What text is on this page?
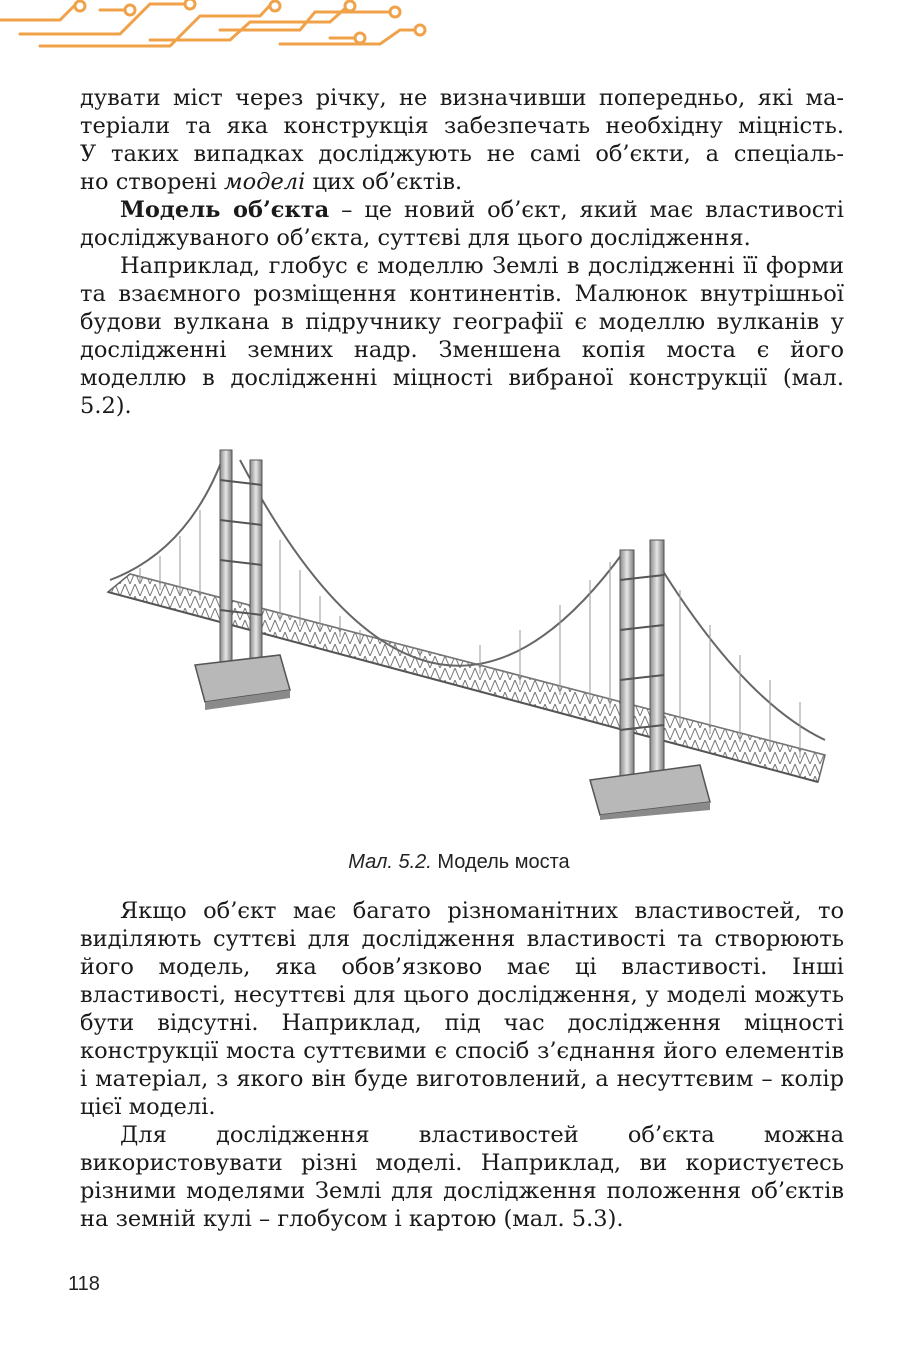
дувати міст через річку, не визначивши попередньо, які ма-
теріали та яка конструкція забезпечать необхідну міцність.
У таких випадках досліджують не самі об’єкти, а спеціаль-

но створені моделі цих об’єктів.

Модель об’єкта – це новий об’єкт, який має властивості досліджуваного об’єкта, суттєві для цього дослідження.

Наприклад, глобус є моделлю Землі в дослідженні її форми та взаємного розміщення континентів. Малюнок внутрішньої будови вулкана в підручнику географії є моделлю вулканів у дослідженні земних надр. Зменшена копія моста є його моделлю в дослідженні міцності вибраної конструкції (мал. 5.2).

Мал. 5.2. Модель моста

Якщо об’єкт має багато різноманітних властивостей, то виділяють суттєві для дослідження властивості та створюють його модель, яка обов’язково має ці властивості. Інші властивості, несуттєві для цього дослідження, у моделі можуть бути відсутні. Наприклад, під час дослідження міцності конструкції моста суттєвими є спосіб з’єднання його елементів і матеріал, з якого він буде виготовлений, а несуттєвим – колір цієї моделі.

Для дослідження властивостей об’єкта можна використовувати різні моделі. Наприклад, ви користуєтесь різними моделями Землі для дослідження положення об’єктів на земній кулі – глобусом і картою (мал. 5.3).

118
